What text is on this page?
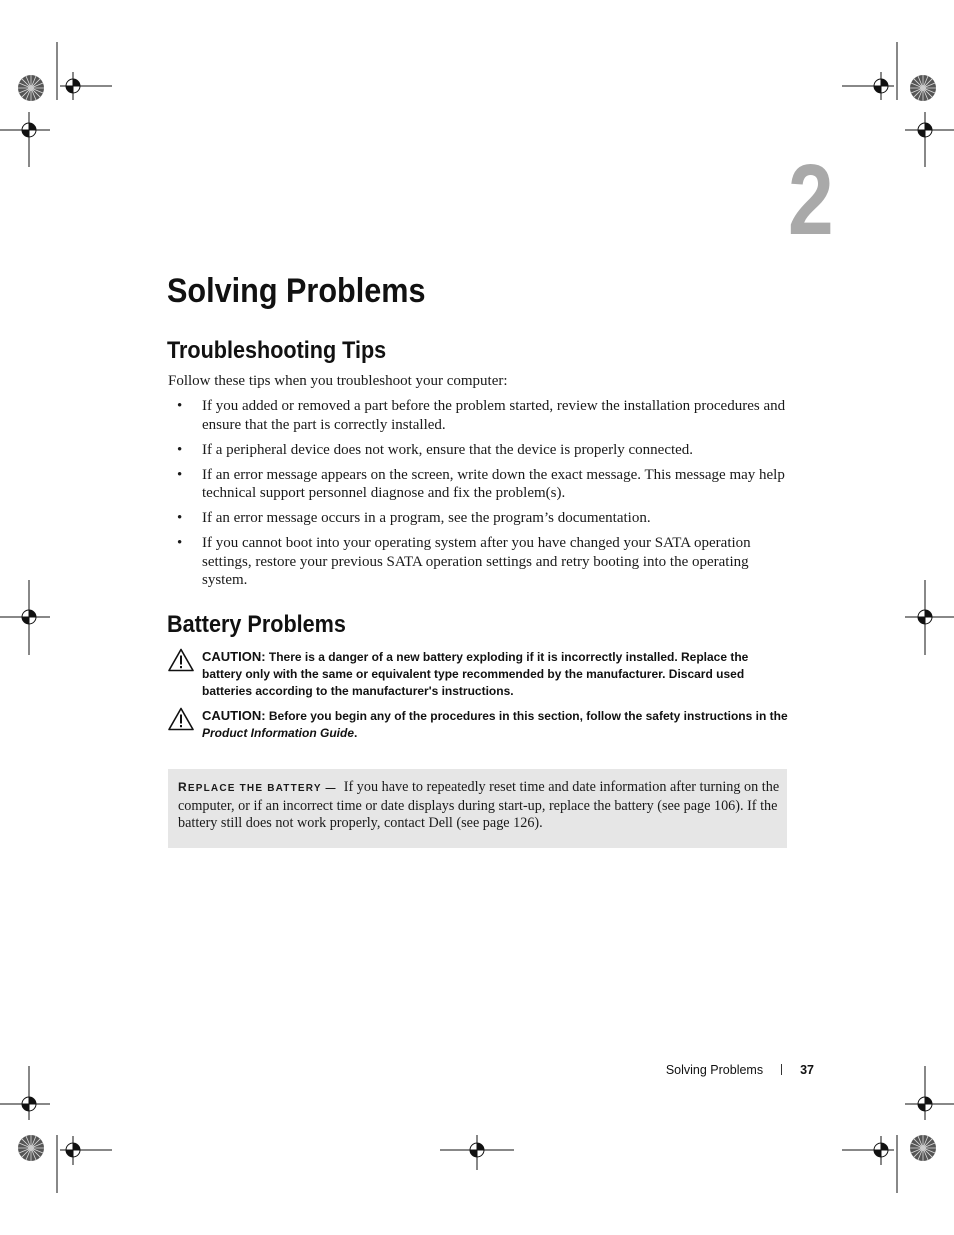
2
Solving Problems
Troubleshooting Tips
Follow these tips when you troubleshoot your computer:
• If you added or removed a part before the problem started, review the installation procedures and ensure that the part is correctly installed.
• If a peripheral device does not work, ensure that the device is properly connected.
• If an error message appears on the screen, write down the exact message. This message may help technical support personnel diagnose and fix the problem(s).
• If an error message occurs in a program, see the program’s documentation.
• If you cannot boot into your operating system after you have changed your SATA operation settings, restore your previous SATA operation settings and retry booting into the operating system.
Battery Problems
CAUTION: There is a danger of a new battery exploding if it is incorrectly installed. Replace the battery only with the same or equivalent type recommended by the manufacturer. Discard used batteries according to the manufacturer's instructions.
CAUTION: Before you begin any of the procedures in this section, follow the safety instructions in the Product Information Guide.
REPLACE THE BATTERY — If you have to repeatedly reset time and date information after turning on the computer, or if an incorrect time or date displays during start-up, replace the battery (see page 106). If the battery still does not work properly, contact Dell (see page 126).
Solving Problems	37
